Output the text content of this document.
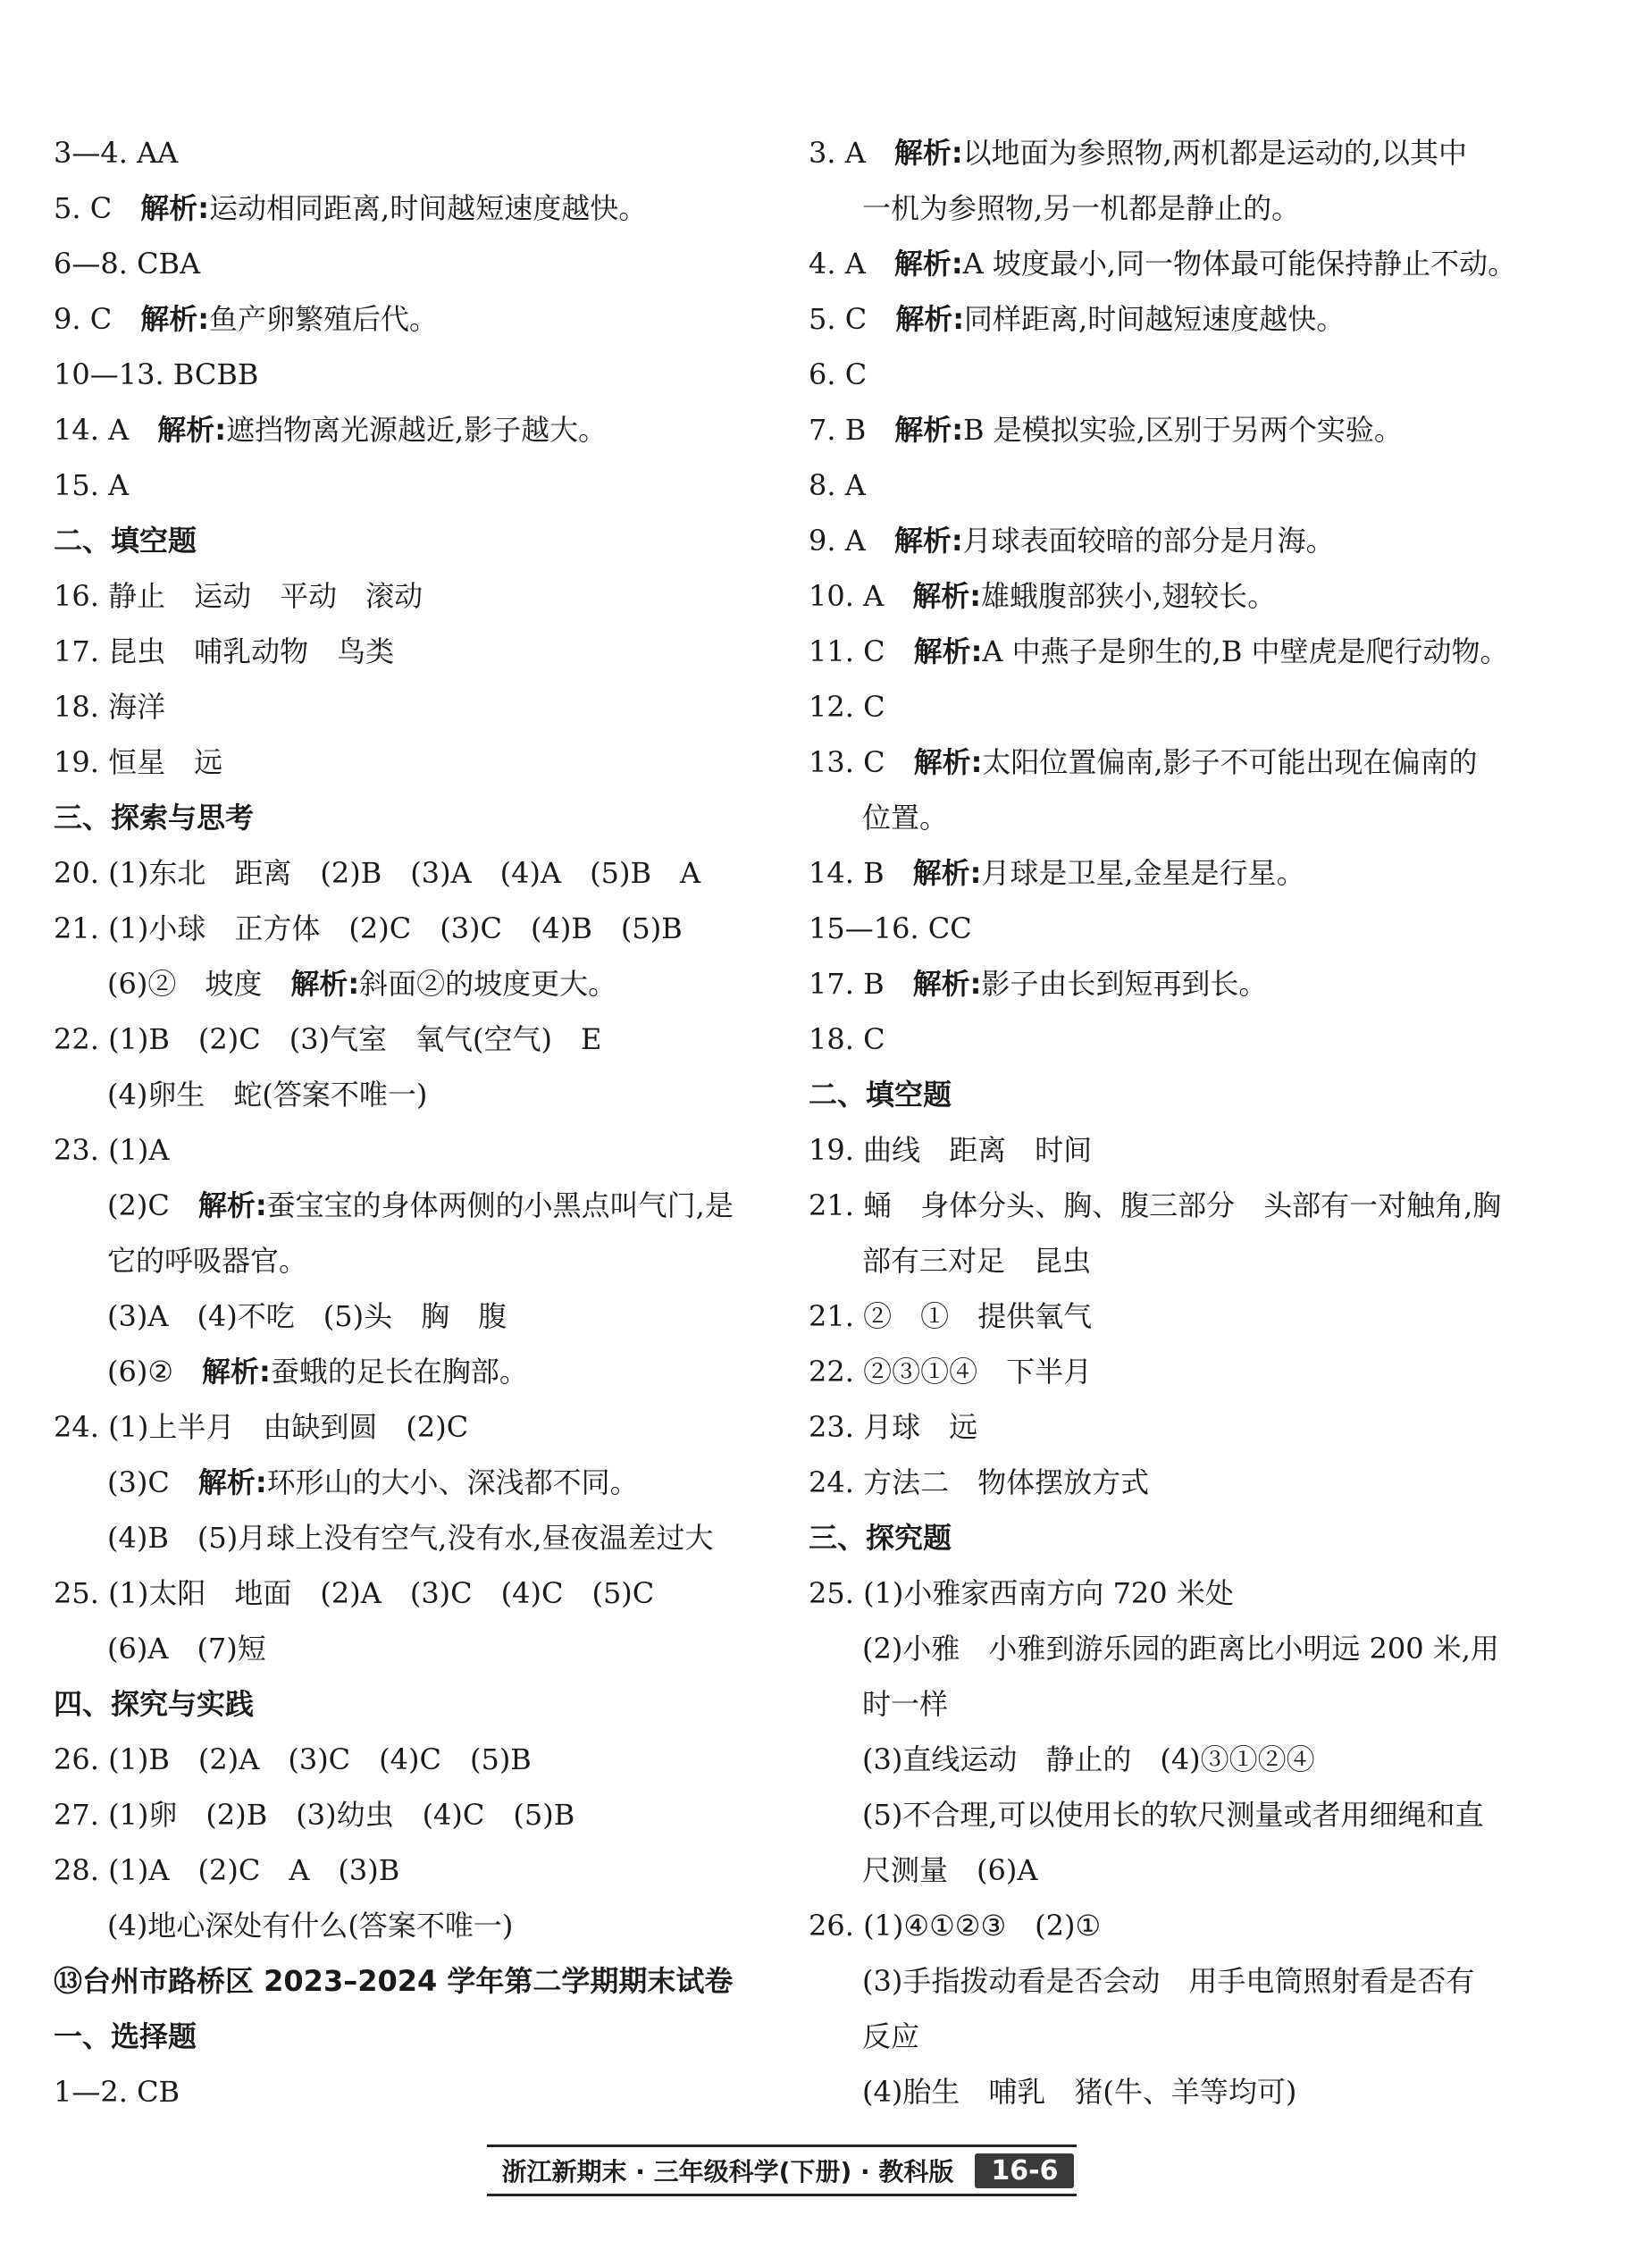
3—4. AA
5. C　 解析:运动相同距离,时间越短速度越快。
6—8. CBA
9. C　 解析:鱼产卵繁殖后代。
10—13. BCBB
14. A　 解析:遮挡物离光源越近,影子越大。
15. A
二、填空题
16. 静止　运动　平动　滚动
17. 昆虫　哺乳动物　鸟类
18. 海洋
19. 恒星　远
三、探索与思考
20. (1)东北　距离　(2)B　(3)A　(4)A　(5)B　A
21. (1)小球　正方体　(2)C　(3)C　(4)B　(5)B
(6)②　坡度　 解析:斜面②的坡度更大。
22. (1)B　(2)C　(3)气室　氧气(空气)　E
(4)卵生　蛇(答案不唯一)
23. (1)A
(2)C　 解析:蚕宝宝的身体两侧的小黑点叫气门,是
它的呼吸器官。
(3)A　(4)不吃　(5)头　胸　腹
(6)②　 解析:蚕蛾的足长在胸部。
24. (1)上半月　由缺到圆　(2)C
(3)C　 解析:环形山的大小、深浅都不同。
(4)B　(5)月球上没有空气,没有水,昼夜温差过大
25. (1)太阳　地面　(2)A　(3)C　(4)C　(5)C
(6)A　(7)短
四、探究与实践
26. (1)B　(2)A　(3)C　(4)C　(5)B
27. (1)卵　(2)B　(3)幼虫　(4)C　(5)B
28. (1)A　(2)C　A　(3)B
(4)地心深处有什么(答案不唯一)
⑬台州市路桥区 2023–2024 学年第二学期期末试卷
一、选择题
1—2. CB
3. A　 解析:以地面为参照物,两机都是运动的,以其中
一机为参照物,另一机都是静止的。
4. A　 解析:A 坡度最小,同一物体最可能保持静止不动。
5. C　 解析:同样距离,时间越短速度越快。
6. C
7. B　 解析:B 是模拟实验,区别于另两个实验。
8. A
9. A　 解析:月球表面较暗的部分是月海。
10. A　 解析:雄蛾腹部狭小,翅较长。
11. C　 解析:A 中燕子是卵生的,B 中壁虎是爬行动物。
12. C
13. C　 解析:太阳位置偏南,影子不可能出现在偏南的
位置。
14. B　 解析:月球是卫星,金星是行星。
15—16. CC
17. B　 解析:影子由长到短再到长。
18. C
二、填空题
19. 曲线　距离　时间
21. 蛹　身体分头、胸、腹三部分　头部有一对触角,胸
部有三对足　昆虫
21. ②　①　提供氧气
22. ②③①④　下半月
23. 月球　远
24. 方法二　物体摆放方式
三、探究题
25. (1)小雅家西南方向 720 米处
(2)小雅　小雅到游乐园的距离比小明远 200 米,用
时一样
(3)直线运动　静止的　(4)③①②④
(5)不合理,可以使用长的软尺测量或者用细绳和直
尺测量　(6)A
26. (1)④①②③　(2)①
(3)手指拨动看是否会动　用手电筒照射看是否有
反应
(4)胎生　哺乳　猪(牛、羊等均可)
浙江新期末 · 三年级科学(下册) · 教科版	16-6
